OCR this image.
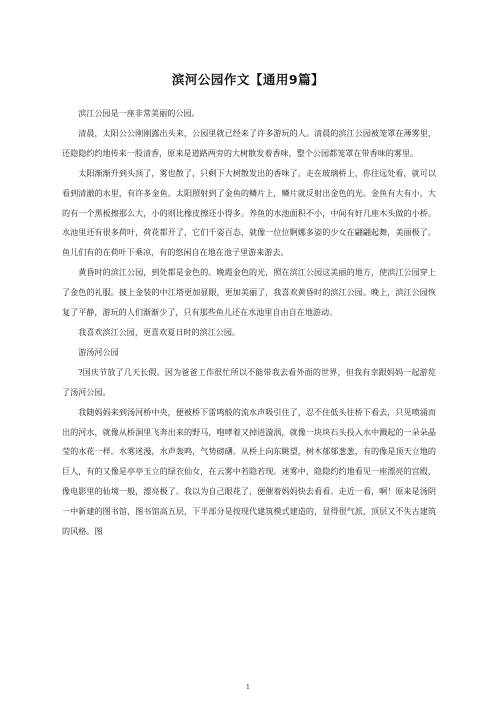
滨河公园作文【通用9篇】

滨江公园是一座非常美丽的公园。

清晨，太阳公公刚刚露出头来，公园里就已经来了许多游玩的人。清晨的滨江公园被笼罩在薄雾里，还隐隐约约地传来一股清香，原来是道路两旁的大树散发着香味，整个公园都笼罩在带香味的雾里。

太阳渐渐升到头顶了，雾也散了，只剩下大树散发出的香味了。走在玻璃桥上，你往远处看，就可以看到清澈的水里，有许多金鱼。太阳照射到了金鱼的鳞片上，鳞片就反射出金色的光。金鱼有大有小，大的有一个黑板擦那么大，小的则比橡皮擦还小得多。养鱼的水池面积不小，中间有好几座木头做的小桥。水池里还有很多荷叶，荷花都开了，它们千姿百态，就像一位位婀娜多姿的少女在翩翩起舞，美丽极了。鱼儿们有的在荷叶下乘凉，有的悠闲自在地在池子里游来游去。

黄昏时的滨江公园，到处都是金色的。晚霞金色的光，照在滨江公园这美丽的地方，使滨江公园穿上了金色的礼服。披上金装的中江塔更加显眼，更加美丽了，我喜欢黄昏时的滨江公园。晚上，滨江公园恢复了平静，游玩的人们渐渐少了，只有那些鱼儿还在水池里自由自在地游动。

我喜欢滨江公园，更喜欢夏日时的滨江公园。

游汤河公园

?国庆节放了几天长假。因为爸爸工作很忙所以不能带我去看外面的世界，但我有幸跟妈妈一起游览了汤河公园。

我随妈妈来到汤河桥中央，便被桥下雷鸣般的流水声吸引住了，忍不住低头往桥下看去，只见喷涌而出的河水，就像从桥洞里飞奔出来的野马，咆哮着又掉进漩涡，就像一块块石头投入水中溅起的一朵朵晶莹的水花一样。水雾迷漫，水声轰鸣，气势磅礴。从桥上向东眺望，树木郁郁葱葱，有的像是顶天立地的巨人，有的又像是亭亭玉立的绿衣仙女，在云雾中若隐若现。迷雾中，隐隐约约地看见一座漂亮的宫殿，像电影里的仙境一般，漂亮极了。我以为自己眼花了，便催着妈妈快去看看。走近一看，啊！原来是汤阴一中新建的图书馆，图书馆高五层，下半部分是按现代建筑模式建造的，显得很气派，顶层又不失古建筑的风格。图

1
